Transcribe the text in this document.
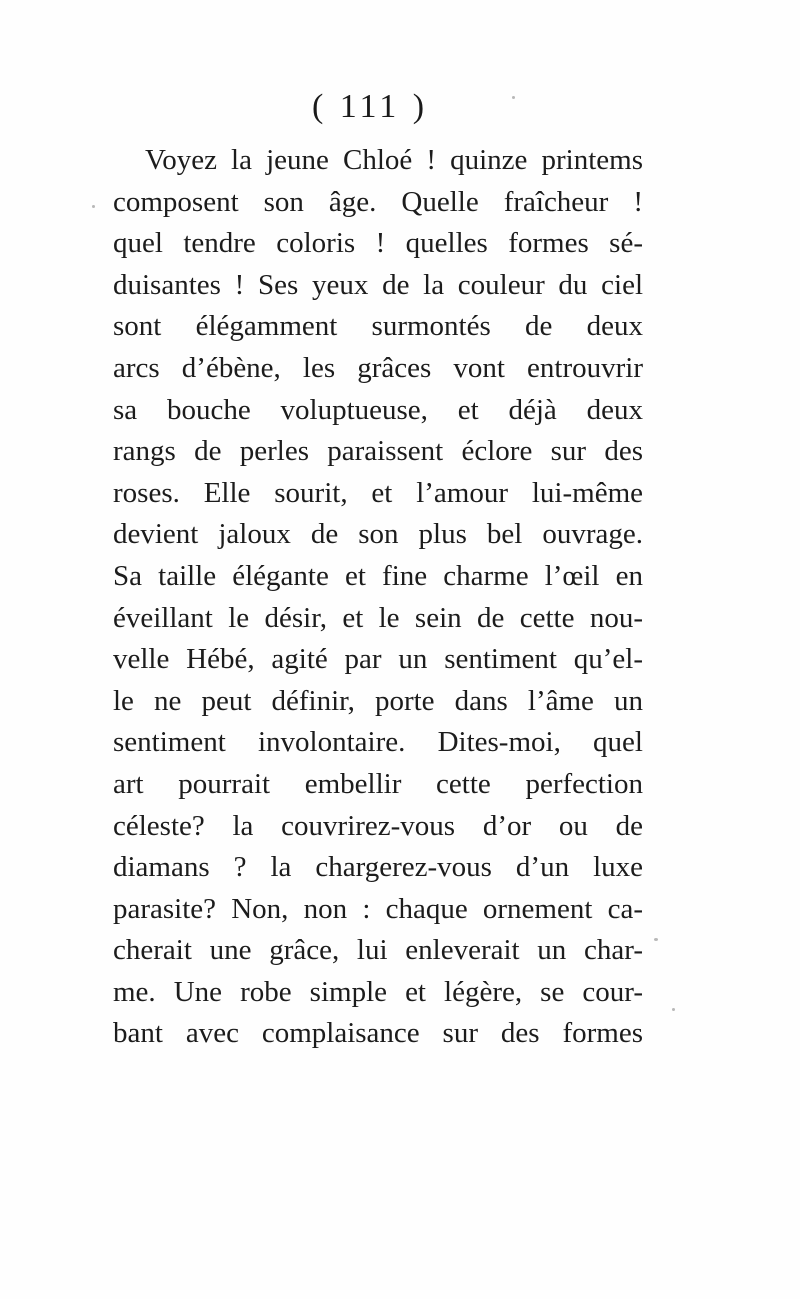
( 111 )
Voyez la jeune Chloé ! quinze printems
composent son âge. Quelle fraîcheur !
quel tendre coloris ! quelles formes sé-
duisantes ! Ses yeux de la couleur du ciel
sont élégamment surmontés de deux
arcs d’ébène, les grâces vont entrouvrir
sa bouche voluptueuse, et déjà deux
rangs de perles paraissent éclore sur des
roses. Elle sourit, et l’amour lui-même
devient jaloux de son plus bel ouvrage.
Sa taille élégante et fine charme l’œil en
éveillant le désir, et le sein de cette nou-
velle Hébé, agité par un sentiment qu’el-
le ne peut définir, porte dans l’âme un
sentiment involontaire. Dites-moi, quel
art pourrait embellir cette perfection
céleste? la couvrirez-vous d’or ou de
diamans ? la chargerez-vous d’un luxe
parasite? Non, non : chaque ornement ca-
cherait une grâce, lui enleverait un char-
me. Une robe simple et légère, se cour-
bant avec complaisance sur des formes
